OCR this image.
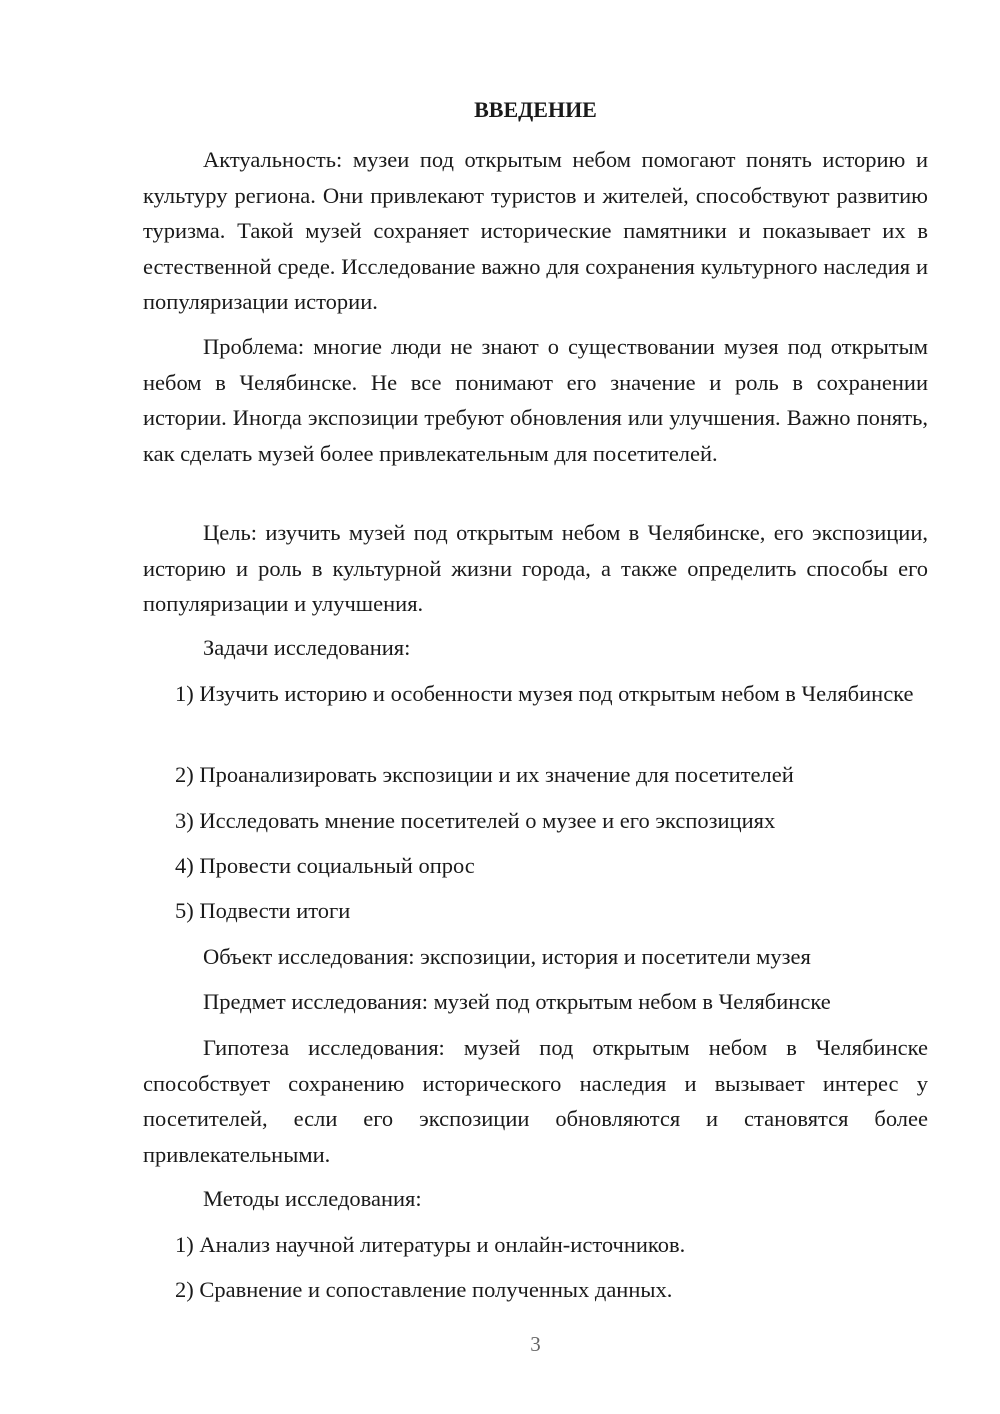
ВВЕДЕНИЕ

Актуальность: музеи под открытым небом помогают понять историю и культуру региона. Они привлекают туристов и жителей, способствуют развитию туризма. Такой музей сохраняет исторические памятники и показывает их в естественной среде. Исследование важно для сохранения культурного наследия и популяризации истории.

Проблема: многие люди не знают о существовании музея под открытым небом в Челябинске. Не все понимают его значение и роль в сохранении истории. Иногда экспозиции требуют обновления или улучшения. Важно понять, как сделать музей более привлекательным для посетителей.

Цель: изучить музей под открытым небом в Челябинске, его экспозиции, историю и роль в культурной жизни города, а также определить способы его популяризации и улучшения.

Задачи исследования:

1) Изучить историю и особенности музея под открытым небом в Челябинске

2) Проанализировать экспозиции и их значение для посетителей

3) Исследовать мнение посетителей о музее и его экспозициях

4) Провести социальный опрос

5) Подвести итоги

Объект исследования: экспозиции, история и посетители музея

Предмет исследования: музей под открытым небом в Челябинске

Гипотеза исследования: музей под открытым небом в Челябинске способствует сохранению исторического наследия и вызывает интерес у посетителей, если его экспозиции обновляются и становятся более привлекательными.

Методы исследования:

1) Анализ научной литературы и онлайн-источников.

2) Сравнение и сопоставление полученных данных.

3
